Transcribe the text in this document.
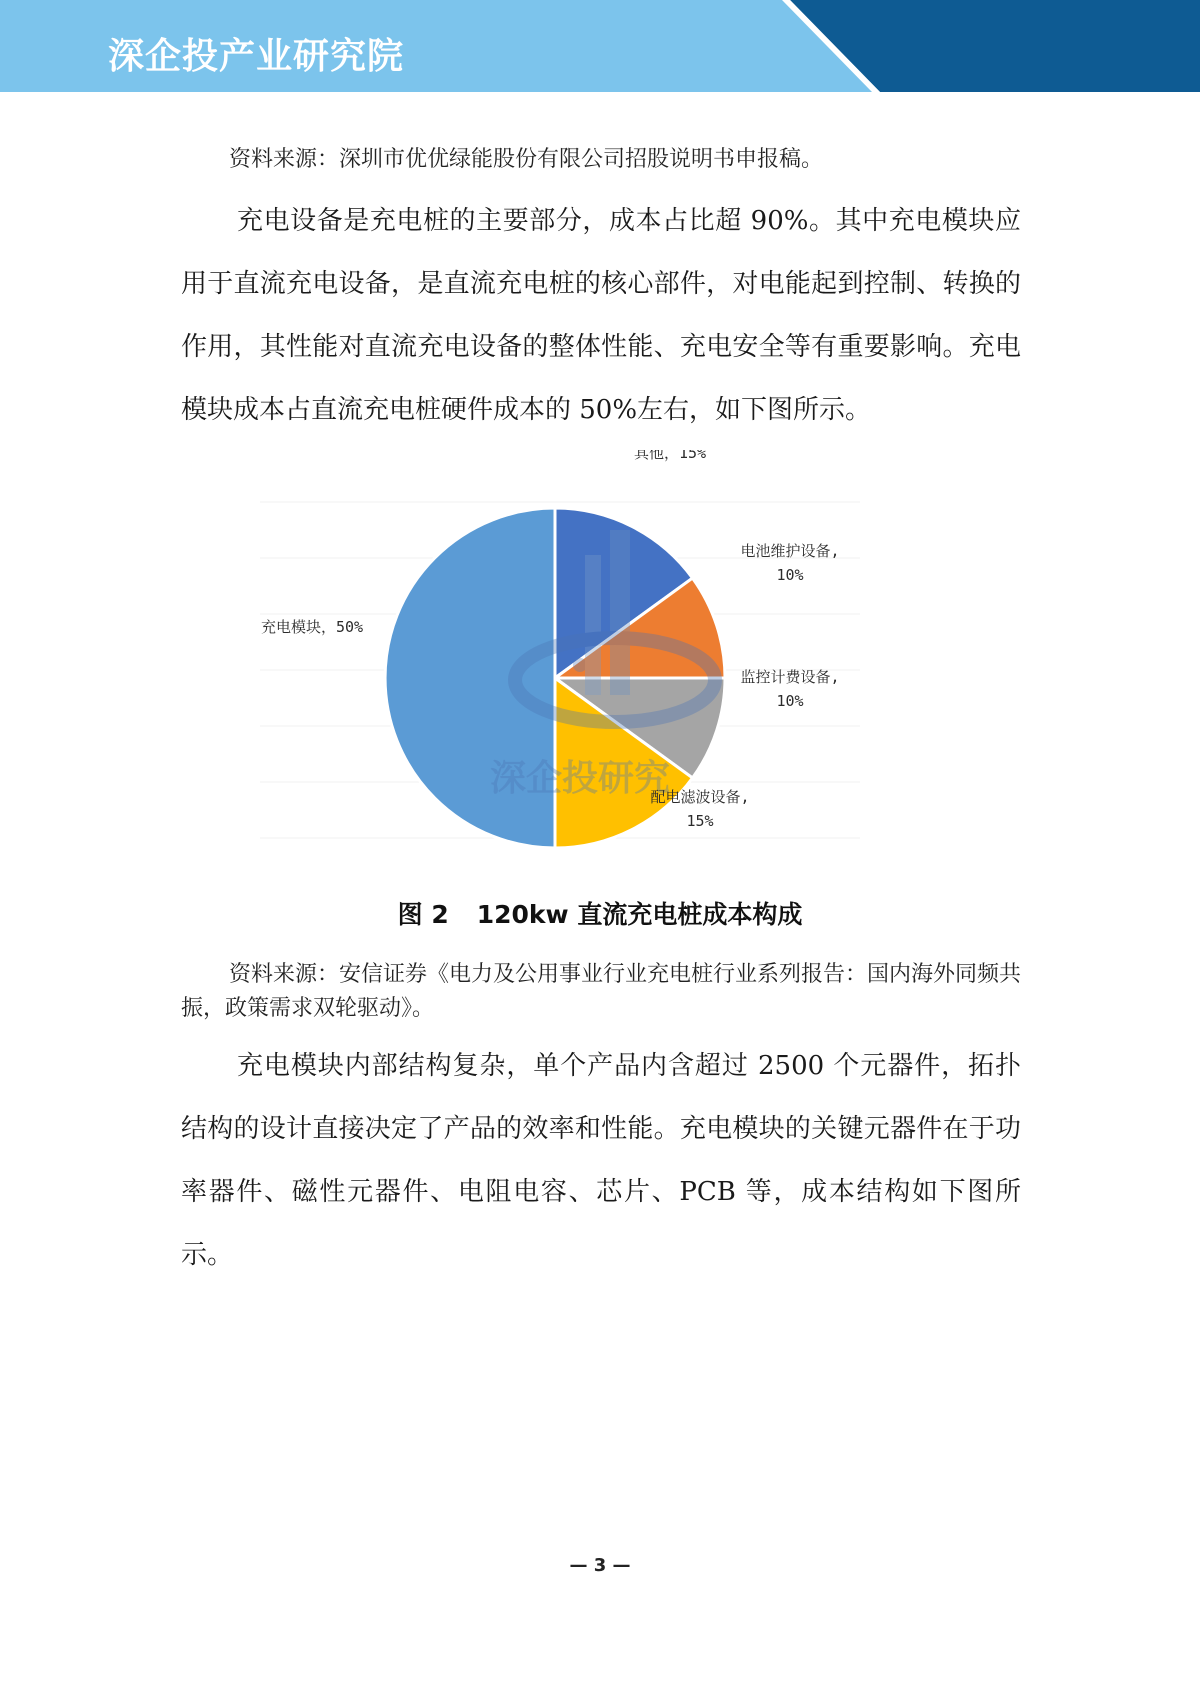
深企投产业研究院
资料来源：深圳市优优绿能股份有限公司招股说明书申报稿。
充电设备是充电桩的主要部分，成本占比超 90%。其中充电模块应用于直流充电设备，是直流充电桩的核心部件，对电能起到控制、转换的作用，其性能对直流充电设备的整体性能、充电安全等有重要影响。充电模块成本占直流充电桩硬件成本的 50%左右，如下图所示。
深企投研究
其他，15%
电池维护设备, 10%
监控计费设备, 10%
配电滤波设备, 15%
充电模块，50%
图 2 120kw 直流充电桩成本构成
资料来源：安信证券《电力及公用事业行业充电桩行业系列报告：国内海外同频共振，政策需求双轮驱动》。
充电模块内部结构复杂，单个产品内含超过 2500 个元器件，拓扑结构的设计直接决定了产品的效率和性能。充电模块的关键元器件在于功率器件、磁性元器件、电阻电容、芯片、PCB 等，成本结构如下图所示。
— 3 —
